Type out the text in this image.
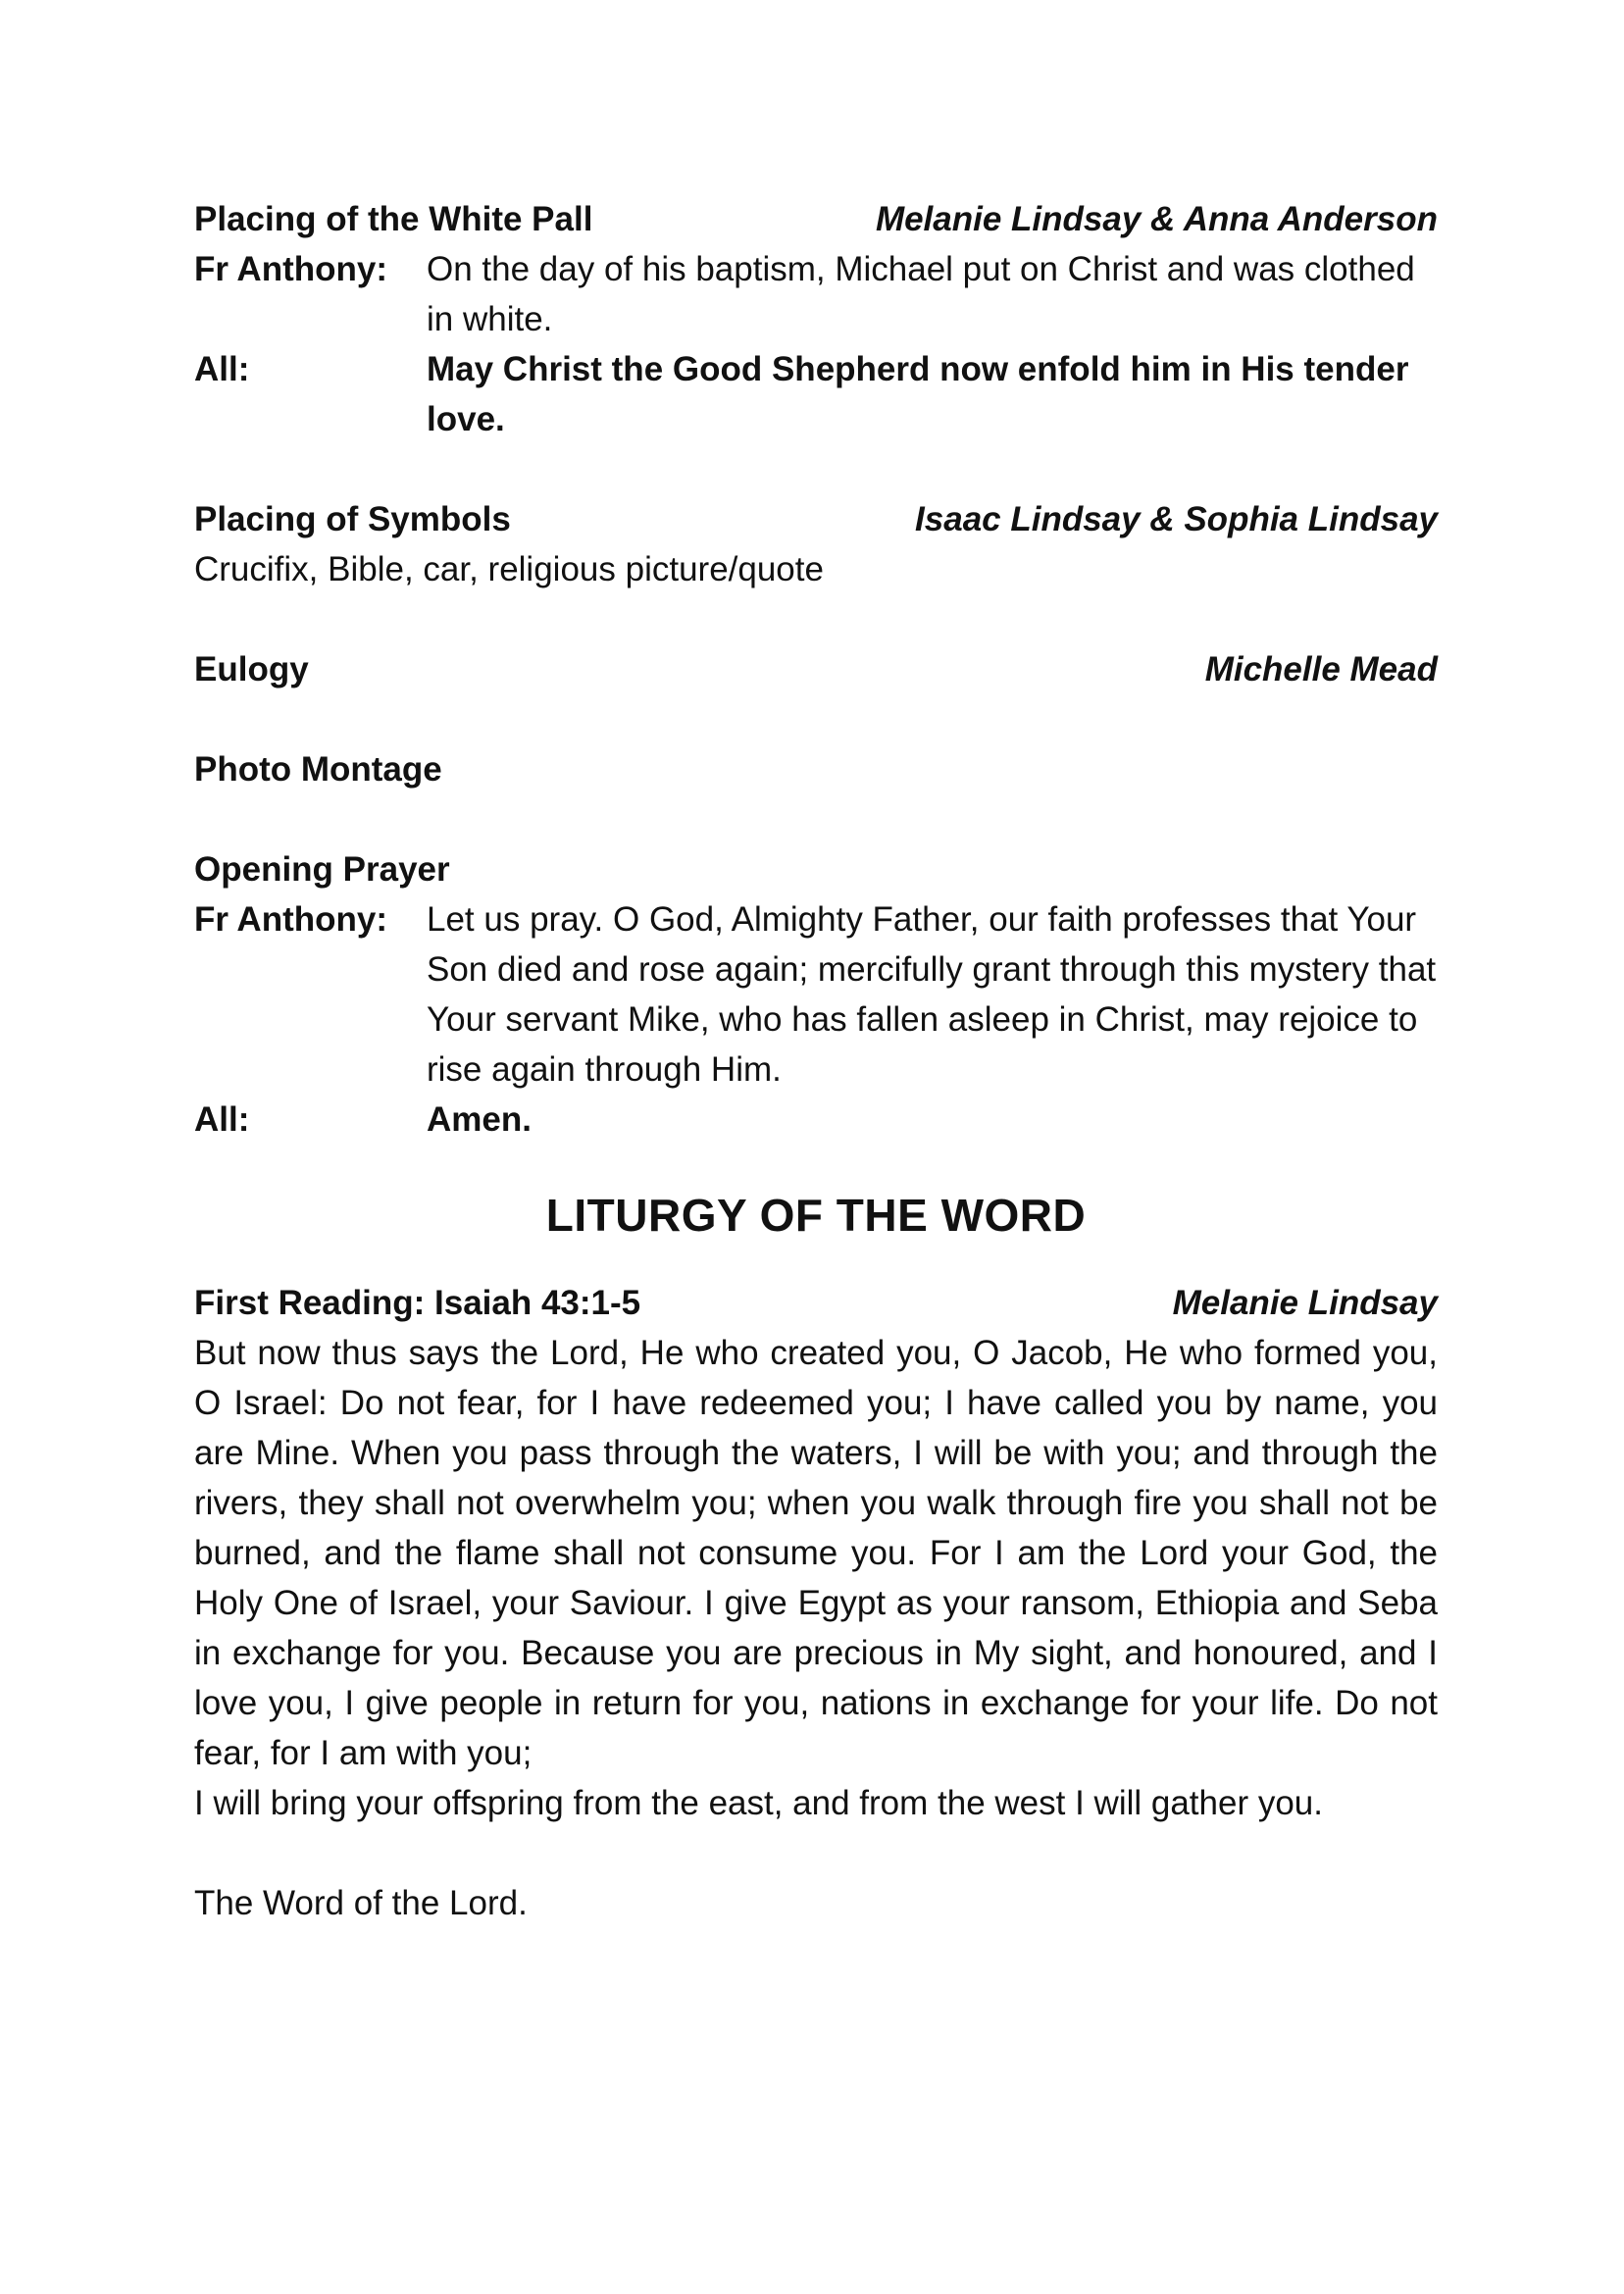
Placing of the White Pall	Melanie Lindsay & Anna Anderson
Fr Anthony:	On the day of his baptism, Michael put on Christ and was clothed in white.
All:	May Christ the Good Shepherd now enfold him in His tender love.
Placing of Symbols	Isaac Lindsay & Sophia Lindsay
Crucifix, Bible, car, religious picture/quote
Eulogy	Michelle Mead
Photo Montage
Opening Prayer
Fr Anthony:	Let us pray. O God, Almighty Father, our faith professes that Your Son died and rose again; mercifully grant through this mystery that Your servant Mike, who has fallen asleep in Christ, may rejoice to rise again through Him.
All:	Amen.
LITURGY OF THE WORD
First Reading: Isaiah 43:1-5	Melanie Lindsay
But now thus says the Lord, He who created you, O Jacob, He who formed you, O Israel: Do not fear, for I have redeemed you; I have called you by name, you are Mine. When you pass through the waters, I will be with you; and through the rivers, they shall not overwhelm you; when you walk through fire you shall not be burned, and the flame shall not consume you. For I am the Lord your God, the Holy One of Israel, your Saviour. I give Egypt as your ransom, Ethiopia and Seba in exchange for you. Because you are precious in My sight, and honoured, and I love you, I give people in return for you, nations in exchange for your life. Do not fear, for I am with you;
I will bring your offspring from the east, and from the west I will gather you.
The Word of the Lord.
